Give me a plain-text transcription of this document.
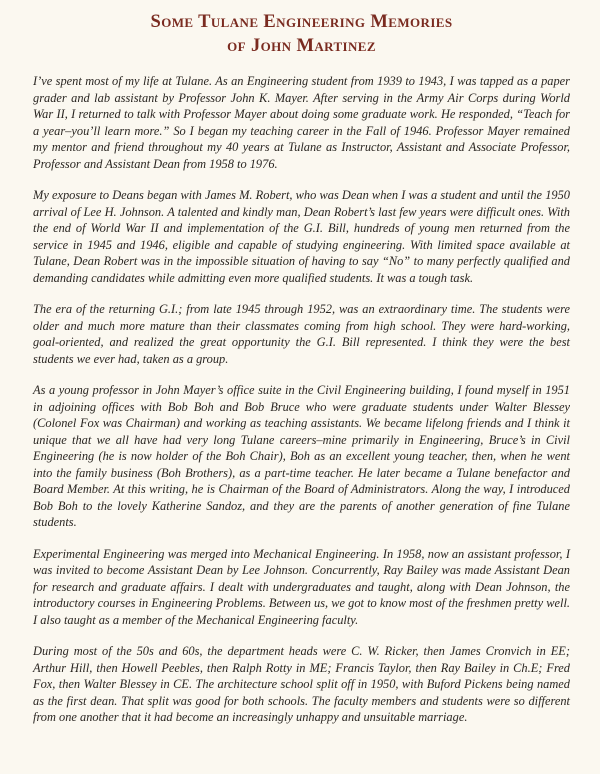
Some Tulane Engineering Memories
of John Martinez

I’ve spent most of my life at Tulane. As an Engineering student from 1939 to 1943, I was tapped as a paper grader and lab assistant by Professor John K. Mayer. After serving in the Army Air Corps during World War II, I returned to talk with Professor Mayer about doing some graduate work. He responded, “Teach for a year–you’ll learn more.” So I began my teaching career in the Fall of 1946. Professor Mayer remained my mentor and friend throughout my 40 years at Tulane as Instructor, Assistant and Associate Professor, Professor and Assistant Dean from 1958 to 1976.

My exposure to Deans began with James M. Robert, who was Dean when I was a student and until the 1950 arrival of Lee H. Johnson. A talented and kindly man, Dean Robert’s last few years were difficult ones. With the end of World War II and implementation of the G.I. Bill, hundreds of young men returned from the service in 1945 and 1946, eligible and capable of studying engineering. With limited space available at Tulane, Dean Robert was in the impossible situation of having to say “No” to many perfectly qualified and demanding candidates while admitting even more qualified students. It was a tough task.

The era of the returning G.I.; from late 1945 through 1952, was an extraordinary time. The students were older and much more mature than their classmates coming from high school. They were hard-working, goal-oriented, and realized the great opportunity the G.I. Bill represented. I think they were the best students we ever had, taken as a group.

As a young professor in John Mayer’s office suite in the Civil Engineering building, I found myself in 1951 in adjoining offices with Bob Boh and Bob Bruce who were graduate students under Walter Blessey (Colonel Fox was Chairman) and working as teaching assistants. We became lifelong friends and I think it unique that we all have had very long Tulane careers–mine primarily in Engineering, Bruce’s in Civil Engineering (he is now holder of the Boh Chair), Boh as an excellent young teacher, then, when he went into the family business (Boh Brothers), as a part-time teacher. He later became a Tulane benefactor and Board Member. At this writing, he is Chairman of the Board of Administrators. Along the way, I introduced Bob Boh to the lovely Katherine Sandoz, and they are the parents of another generation of fine Tulane students.

Experimental Engineering was merged into Mechanical Engineering. In 1958, now an assistant professor, I was invited to become Assistant Dean by Lee Johnson. Concurrently, Ray Bailey was made Assistant Dean for research and graduate affairs. I dealt with undergraduates and taught, along with Dean Johnson, the introductory courses in Engineering Problems. Between us, we got to know most of the freshmen pretty well. I also taught as a member of the Mechanical Engineering faculty.

During most of the 50s and 60s, the department heads were C. W. Ricker, then James Cronvich in EE; Arthur Hill, then Howell Peebles, then Ralph Rotty in ME; Francis Taylor, then Ray Bailey in Ch.E; Fred Fox, then Walter Blessey in CE. The architecture school split off in 1950, with Buford Pickens being named as the first dean. That split was good for both schools. The faculty members and students were so different from one another that it had become an increasingly unhappy and unsuitable marriage.
